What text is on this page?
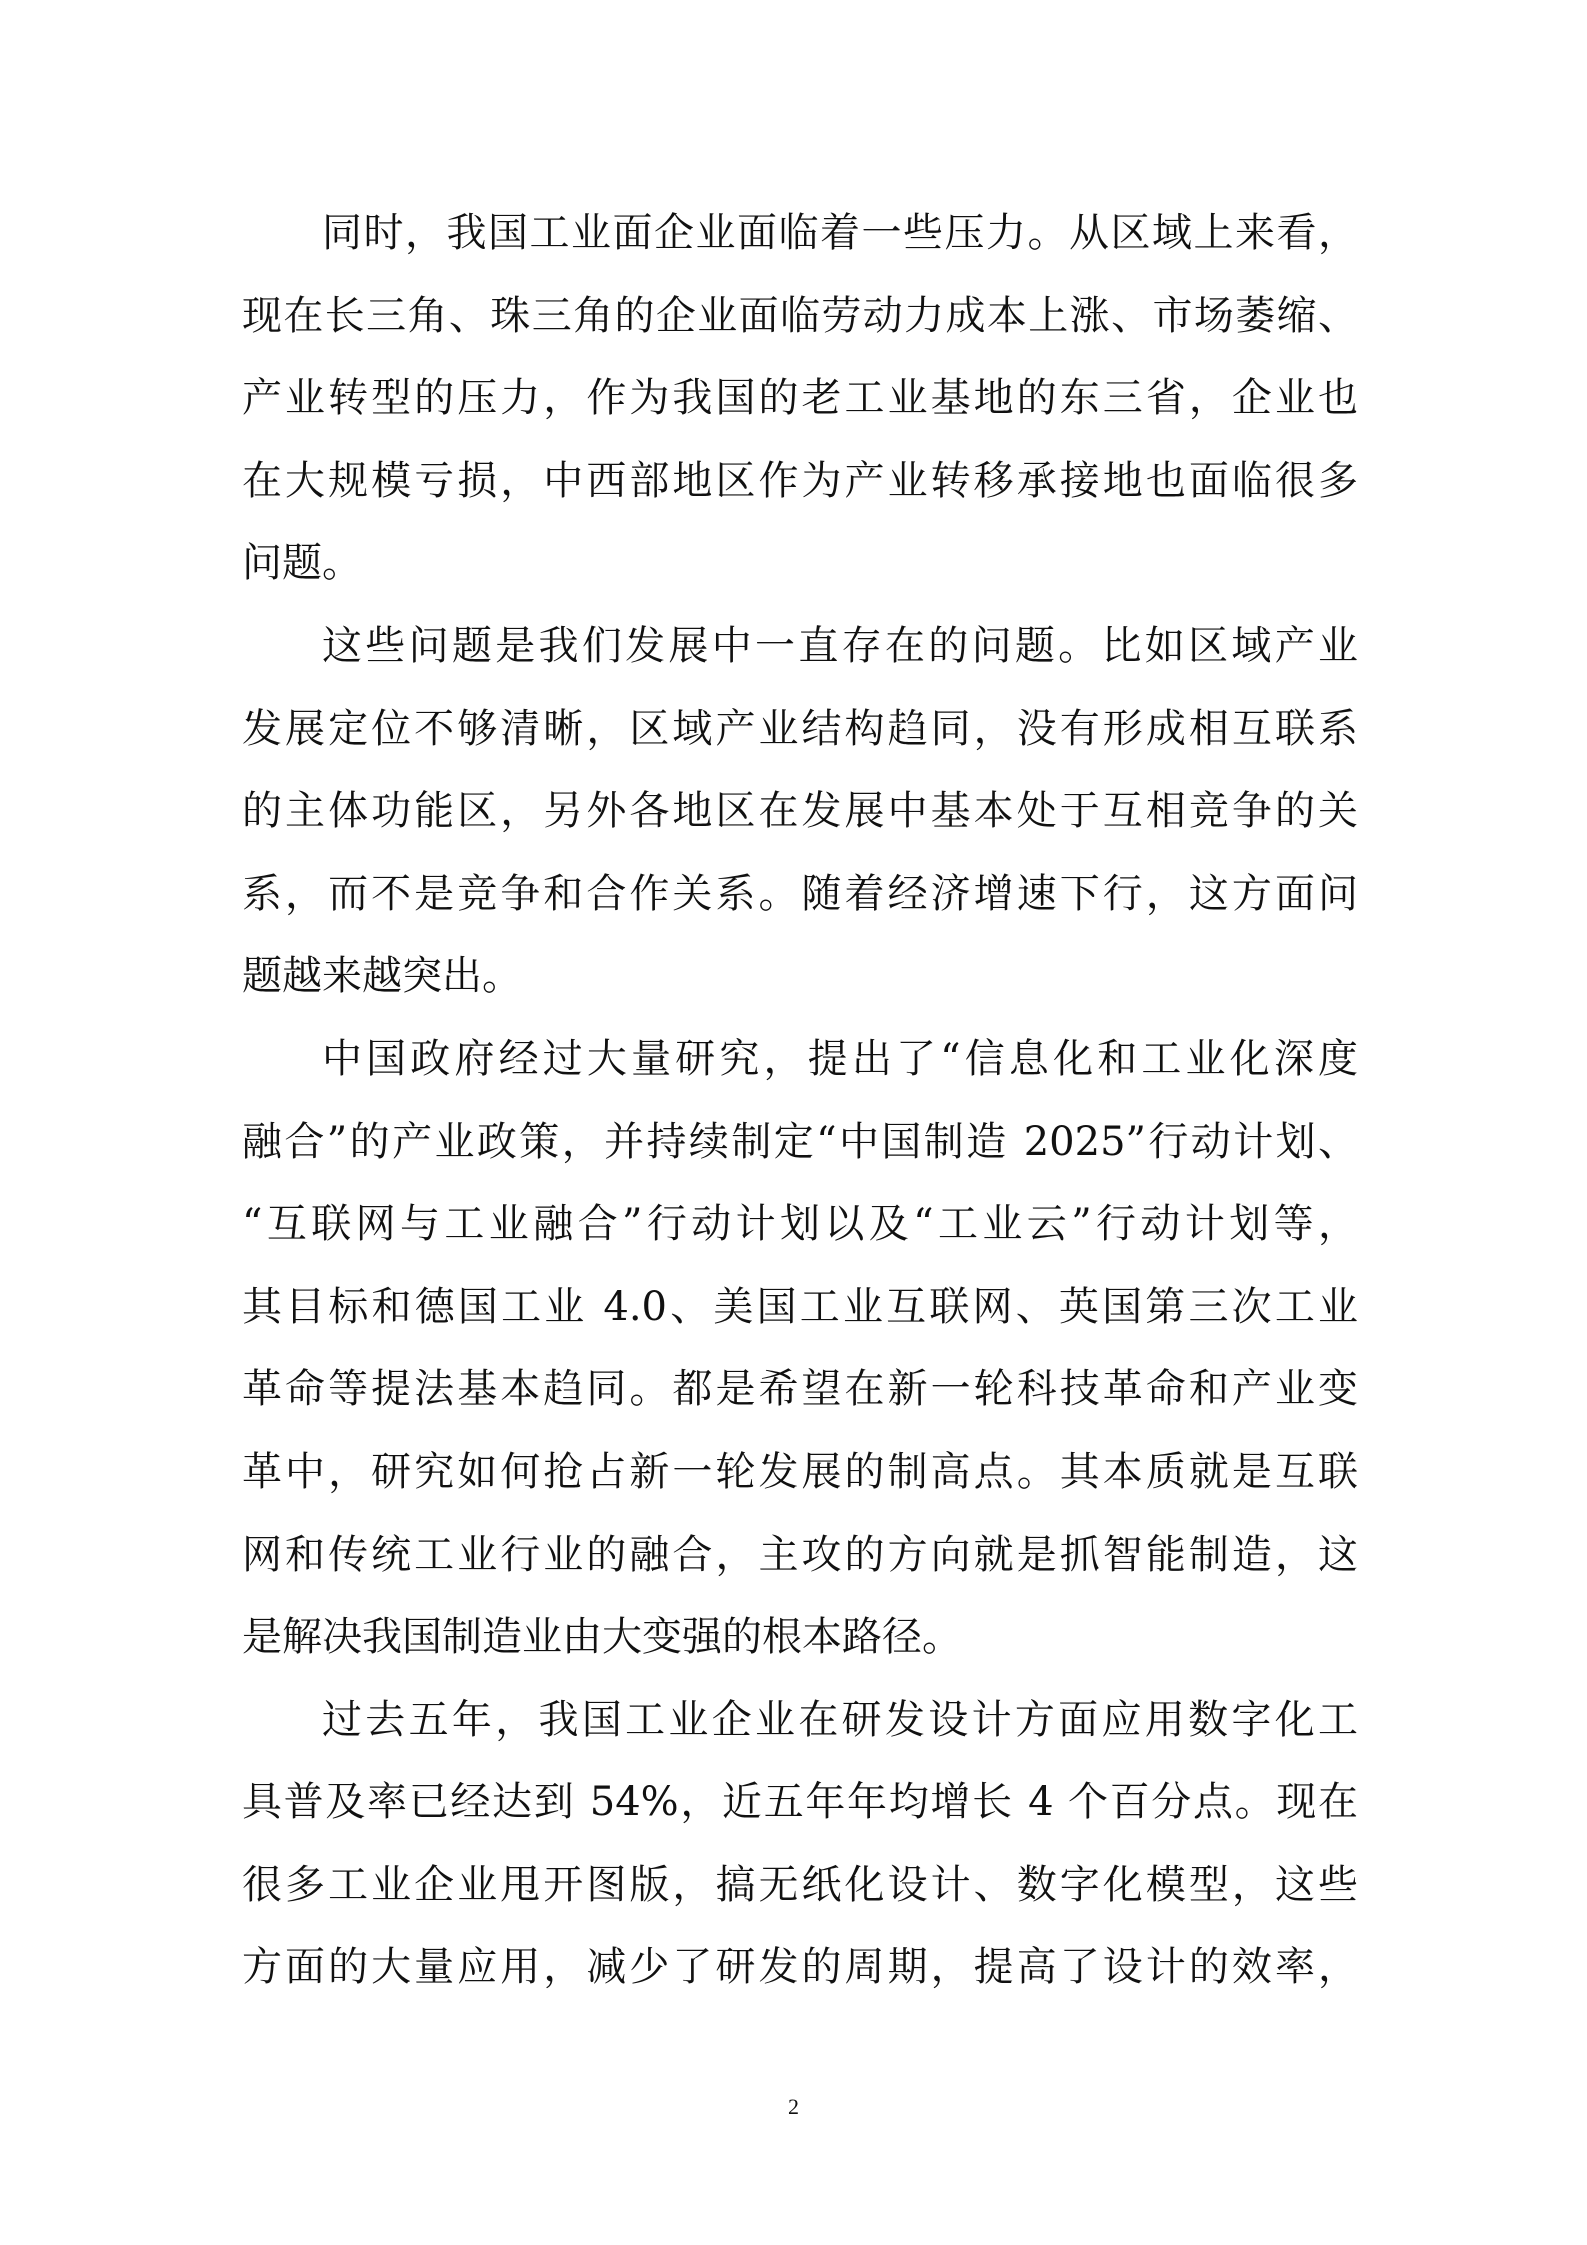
同时，我国工业面企业面临着一些压力。从区域上来看，
现在长三角、珠三角的企业面临劳动力成本上涨、市场萎缩、
产业转型的压力，作为我国的老工业基地的东三省，企业也
在大规模亏损，中西部地区作为产业转移承接地也面临很多
问题。

这些问题是我们发展中一直存在的问题。比如区域产业
发展定位不够清晰，区域产业结构趋同，没有形成相互联系
的主体功能区，另外各地区在发展中基本处于互相竞争的关
系，而不是竞争和合作关系。随着经济增速下行，这方面问
题越来越突出。

中国政府经过大量研究，提出了“信息化和工业化深度
融合”的产业政策，并持续制定“中国制造 2025”行动计划、
“互联网与工业融合”行动计划以及“工业云”行动计划等，
其目标和德国工业 4.0、美国工业互联网、英国第三次工业
革命等提法基本趋同。都是希望在新一轮科技革命和产业变
革中，研究如何抢占新一轮发展的制高点。其本质就是互联
网和传统工业行业的融合，主攻的方向就是抓智能制造，这
是解决我国制造业由大变强的根本路径。

过去五年，我国工业企业在研发设计方面应用数字化工
具普及率已经达到 54%，近五年年均增长 4 个百分点。现在
很多工业企业甩开图版，搞无纸化设计、数字化模型，这些
方面的大量应用，减少了研发的周期，提高了设计的效率，

2
